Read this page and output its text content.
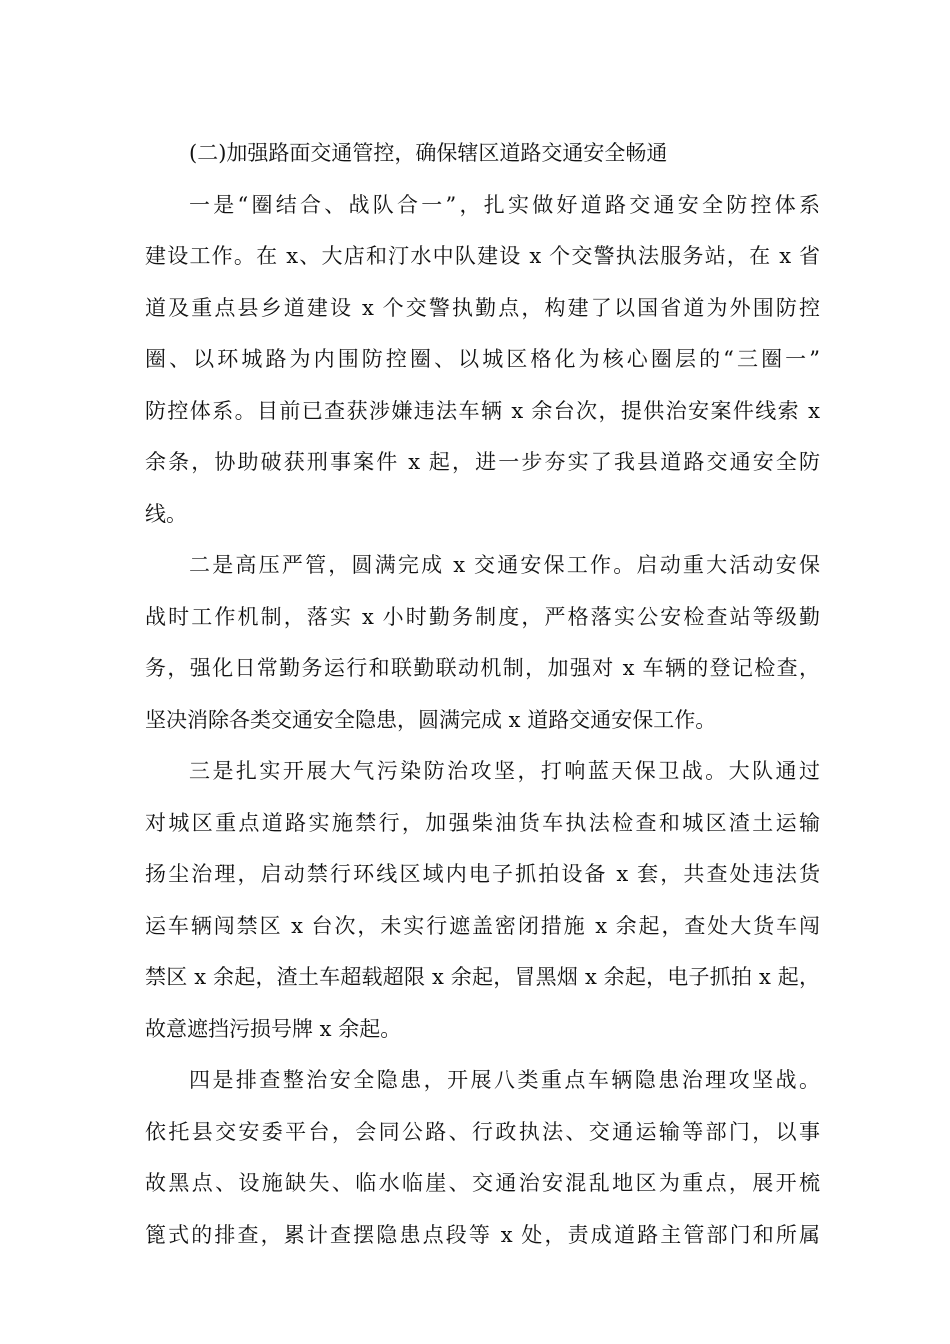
(二)加强路面交通管控，确保辖区道路交通安全畅通
一是“圈结合、战队合一”，扎实做好道路交通安全防控体系
建设工作。在 x、大店和汀水中队建设 x 个交警执法服务站，在 x 省
道及重点县乡道建设 x 个交警执勤点，构建了以国省道为外围防控
圈、以环城路为内围防控圈、以城区格化为核心圈层的“三圈一”
防控体系。目前已查获涉嫌违法车辆 x 余台次，提供治安案件线索 x
余条，协助破获刑事案件 x 起，进一步夯实了我县道路交通安全防
线。
二是高压严管，圆满完成 x 交通安保工作。启动重大活动安保
战时工作机制，落实 x 小时勤务制度，严格落实公安检查站等级勤
务，强化日常勤务运行和联勤联动机制，加强对 x 车辆的登记检查，
坚决消除各类交通安全隐患，圆满完成 x 道路交通安保工作。
三是扎实开展大气污染防治攻坚，打响蓝天保卫战。大队通过
对城区重点道路实施禁行，加强柴油货车执法检查和城区渣土运输
扬尘治理，启动禁行环线区域内电子抓拍设备 x 套，共查处违法货
运车辆闯禁区 x 台次，未实行遮盖密闭措施 x 余起，查处大货车闯
禁区 x 余起，渣土车超载超限 x 余起，冒黑烟 x 余起，电子抓拍 x 起，
故意遮挡污损号牌 x 余起。
四是排查整治安全隐患，开展八类重点车辆隐患治理攻坚战。
依托县交安委平台，会同公路、行政执法、交通运输等部门，以事
故黑点、设施缺失、临水临崖、交通治安混乱地区为重点，展开梳
篦式的排查，累计查摆隐患点段等 x 处，责成道路主管部门和所属
